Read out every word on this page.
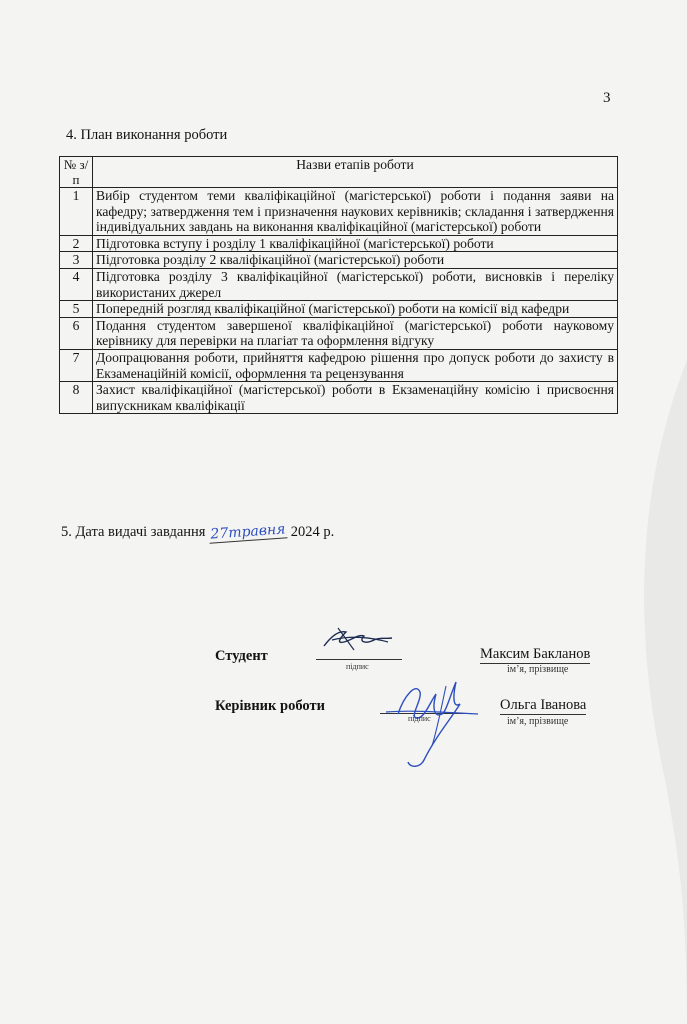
3
4. План виконання роботи
№ з/п	Назви етапів роботи
1	Вибір студентом теми кваліфікаційної (магістерської) роботи і подання заяви на кафедру; затвердження тем і призначення наукових керівників; складання і затвердження індивідуальних завдань на виконання кваліфікаційної (магістерської) роботи
2	Підготовка вступу і розділу 1 кваліфікаційної (магістерської) роботи
3	Підготовка розділу 2 кваліфікаційної (магістерської) роботи
4	Підготовка розділу 3 кваліфікаційної (магістерської) роботи, висновків і переліку використаних джерел
5	Попередній розгляд кваліфікаційної (магістерської) роботи на комісії від кафедри
6	Подання студентом завершеної кваліфікаційної (магістерської) роботи науковому керівнику для перевірки на плагіат та оформлення відгуку
7	Доопрацювання роботи, прийняття кафедрою рішення про допуск роботи до захисту в Екзаменаційній комісії, оформлення та рецензування
8	Захист кваліфікаційної (магістерської) роботи в Екзаменаційну комісію і присвоєння випускникам кваліфікації
5. Дата видачі завдання 27травня 2024 р.
Студент
підпис
Максим Бакланов
ім’я, прізвище
Керівник роботи
підпис
Ольга Іванова
ім’я, прізвище
